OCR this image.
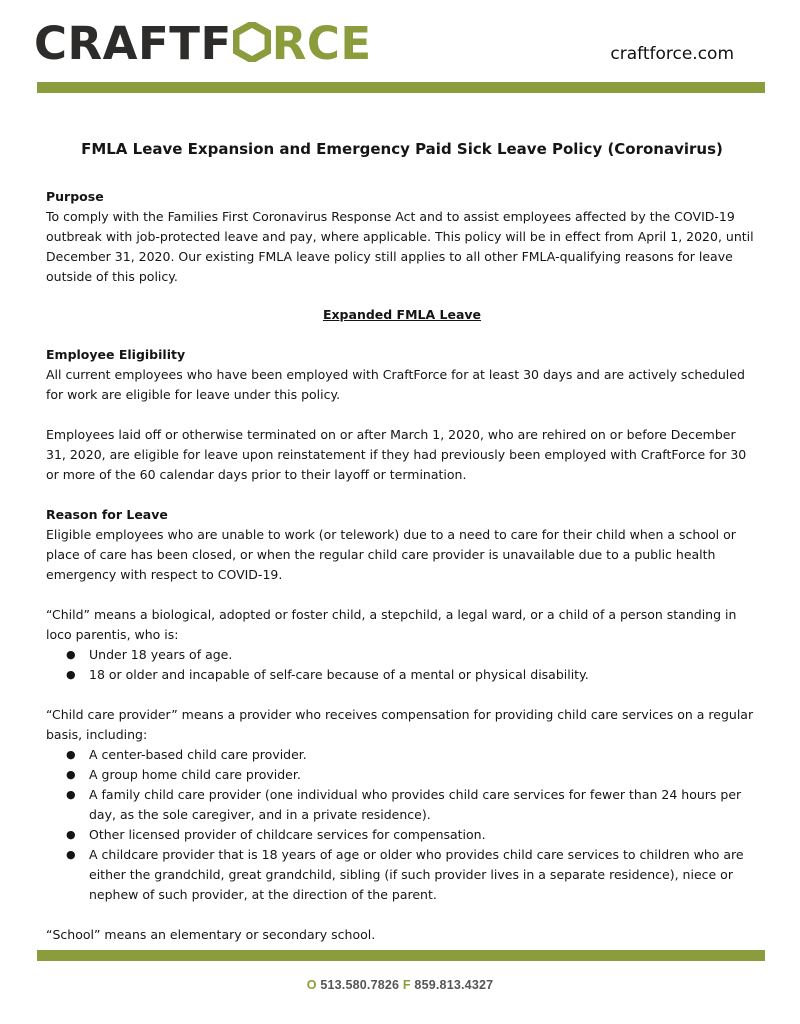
CRAFTF RCE	craftforce.com
FMLA Leave Expansion and Emergency Paid Sick Leave Policy (Coronavirus)

Purpose

To comply with the Families First Coronavirus Response Act and to assist employees affected by the COVID-19 outbreak with job-protected leave and pay, where applicable. This policy will be in effect from April 1, 2020, until December 31, 2020. Our existing FMLA leave policy still applies to all other FMLA-qualifying reasons for leave outside of this policy.

Expanded FMLA Leave

Employee Eligibility

All current employees who have been employed with CraftForce for at least 30 days and are actively scheduled for work are eligible for leave under this policy.

Employees laid off or otherwise terminated on or after March 1, 2020, who are rehired on or before December 31, 2020, are eligible for leave upon reinstatement if they had previously been employed with CraftForce for 30 or more of the 60 calendar days prior to their layoff or termination.

Reason for Leave

Eligible employees who are unable to work (or telework) due to a need to care for their child when a school or place of care has been closed, or when the regular child care provider is unavailable due to a public health emergency with respect to COVID-19.

“Child” means a biological, adopted or foster child, a stepchild, a legal ward, or a child of a person standing in loco parentis, who is:

● Under 18 years of age.
● 18 or older and incapable of self-care because of a mental or physical disability.

“Child care provider” means a provider who receives compensation for providing child care services on a regular basis, including:

● A center-based child care provider.
● A group home child care provider.
● A family child care provider (one individual who provides child care services for fewer than 24 hours per day, as the sole caregiver, and in a private residence).
● Other licensed provider of childcare services for compensation.
● A childcare provider that is 18 years of age or older who provides child care services to children who are either the grandchild, great grandchild, sibling (if such provider lives in a separate residence), niece or nephew of such provider, at the direction of the parent.

“School” means an elementary or secondary school.

O 513.580.7826 F 859.813.4327
